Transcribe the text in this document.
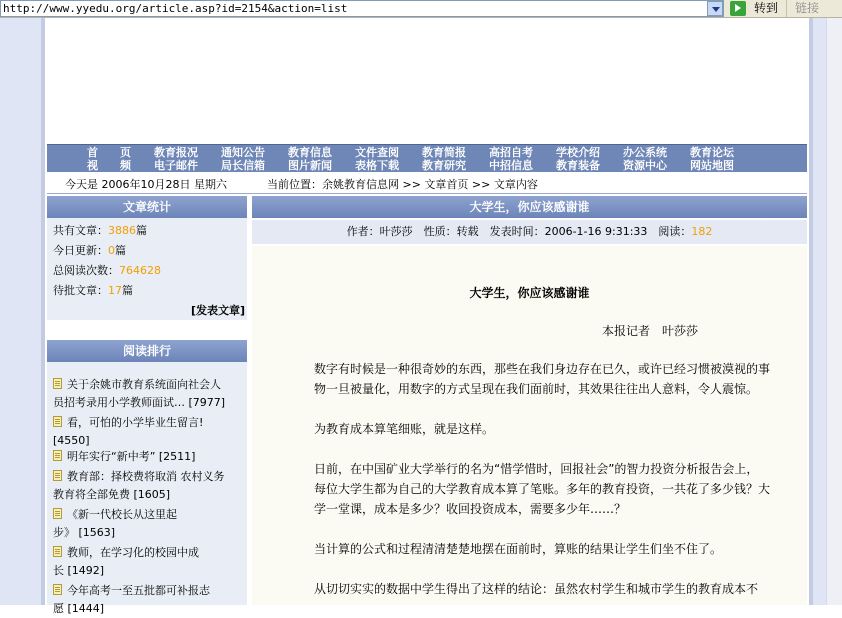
http://www.yyedu.org/article.asp?id=2154&action=list	转到	链接
首　　页	教育报况	通知公告	教育信息	文件查阅	教育简报	高招自考	学校介绍	办公系统	教育论坛
视　　频	电子邮件	局长信箱	图片新闻	表格下载	教育研究	中招信息	教育装备	资源中心	网站地图
今天是 2006年10月28日 星期六	当前位置：余姚教育信息网 >> 文章首页 >> 文章内容
文章统计
共有文章：3886篇
今日更新：0篇
总阅读次数：764628
待批文章：17篇
[发表文章]
阅读排行
关于余姚市教育系统面向社会人
员招考录用小学教师面试… [7977]
看，可怕的小学毕业生留言!
[4550]
明年实行“新中考” [2511]
教育部：择校费将取消 农村义务
教育将全部免费 [1605]
《新一代校长从这里起
步》 [1563]
教师，在学习化的校园中成
长 [1492]
今年高考一至五批都可补报志
愿 [1444]
大学生，你应该感谢谁
作者：叶莎莎　性质：转载　发表时间：2006-1-16 9:31:33　阅读：182
大学生，你应该感谢谁
本报记者　叶莎莎
数字有时候是一种很奇妙的东西，那些在我们身边存在已久，或许已经习惯被漠视的事物一旦被量化，用数字的方式呈现在我们面前时，其效果往往出人意料，令人震惊。
为教育成本算笔细账，就是这样。
日前，在中国矿业大学举行的名为“惜学惜时，回报社会”的智力投资分析报告会上，每位大学生都为自己的大学教育成本算了笔账。多年的教育投资，一共花了多少钱？大学一堂课，成本是多少？收回投资成本，需要多少年……？
当计算的公式和过程清清楚楚地摆在面前时，算账的结果让学生们坐不住了。
从切切实实的数据中学生得出了这样的结论：虽然农村学生和城市学生的教育成本不
